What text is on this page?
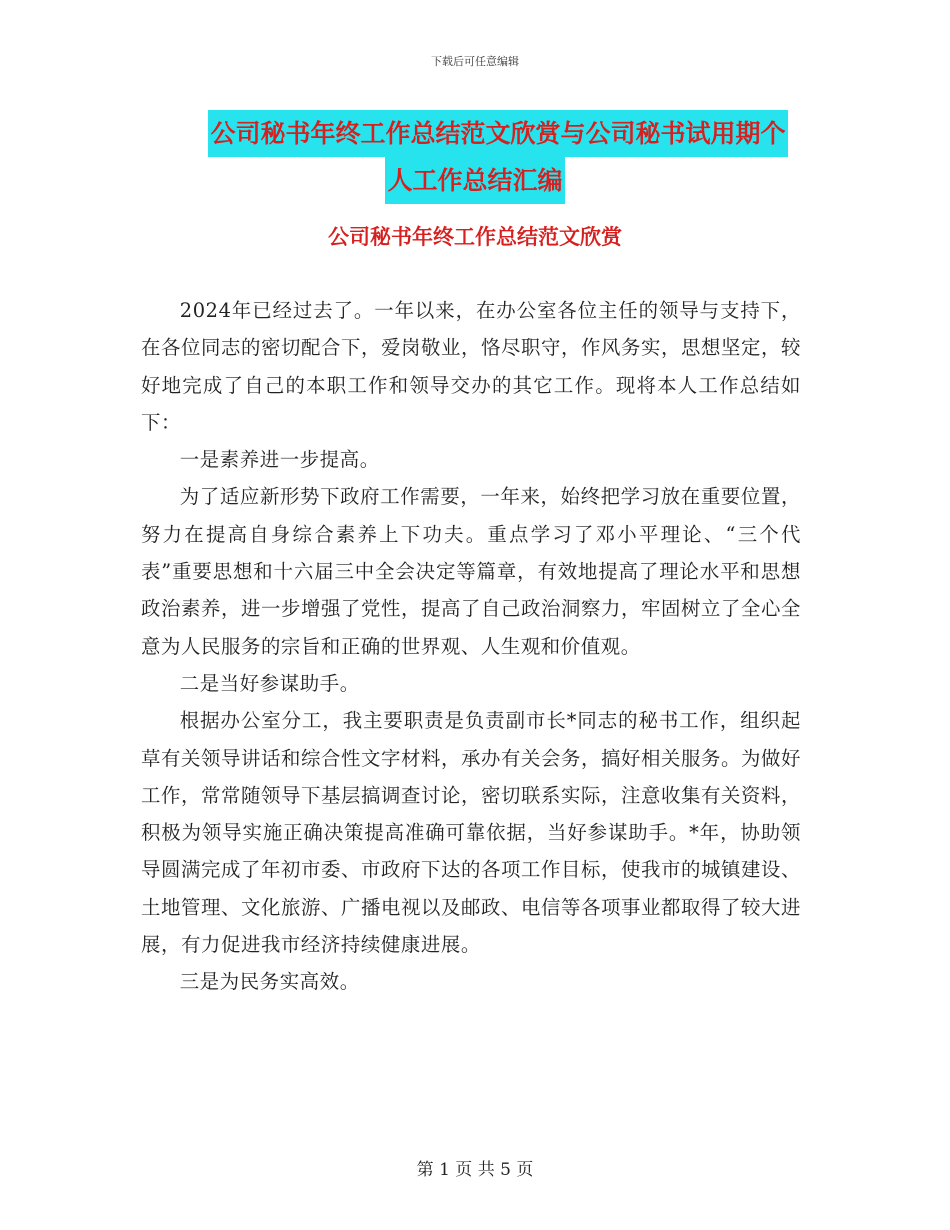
下载后可任意编辑
公司秘书年终工作总结范文欣赏与公司秘书试用期个
人工作总结汇编
公司秘书年终工作总结范文欣赏

2024年已经过去了。一年以来，在办公室各位主任的领导与支持下，在各位同志的密切配合下，爱岗敬业，恪尽职守，作风务实，思想坚定，较好地完成了自己的本职工作和领导交办的其它工作。现将本人工作总结如下：

一是素养进一步提高。

为了适应新形势下政府工作需要，一年来，始终把学习放在重要位置，努力在提高自身综合素养上下功夫。重点学习了邓小平理论、“三个代表”重要思想和十六届三中全会决定等篇章，有效地提高了理论水平和思想政治素养，进一步增强了党性，提高了自己政治洞察力，牢固树立了全心全意为人民服务的宗旨和正确的世界观、人生观和价值观。

二是当好参谋助手。

根据办公室分工，我主要职责是负责副市长*同志的秘书工作，组织起草有关领导讲话和综合性文字材料，承办有关会务，搞好相关服务。为做好工作，常常随领导下基层搞调查讨论，密切联系实际，注意收集有关资料，积极为领导实施正确决策提高准确可靠依据，当好参谋助手。*年，协助领导圆满完成了年初市委、市政府下达的各项工作目标，使我市的城镇建设、土地管理、文化旅游、广播电视以及邮政、电信等各项事业都取得了较大进展，有力促进我市经济持续健康进展。

三是为民务实高效。

第 1 页 共 5 页
